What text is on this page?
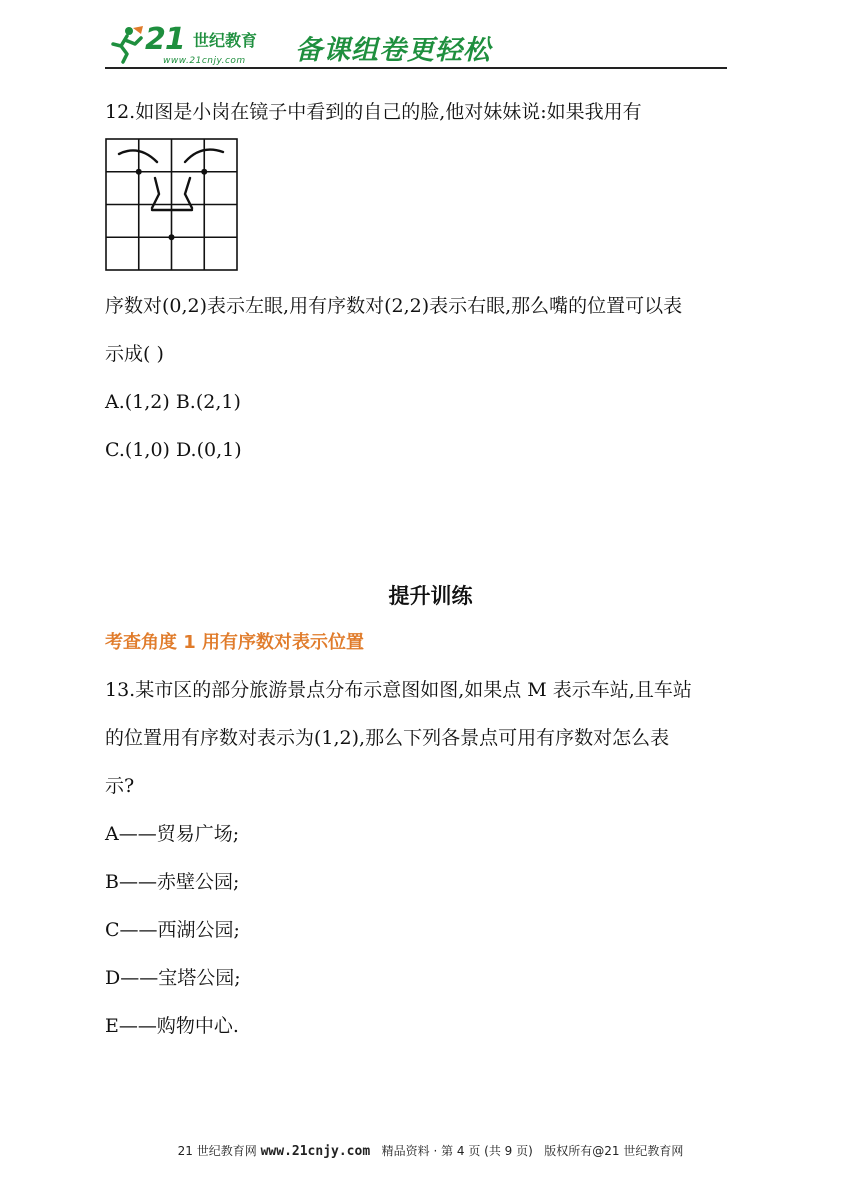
21 世纪教育
www.21cnjy.com 备课组卷更轻松
12.如图是小岗在镜子中看到的自己的脸,他对妹妹说:如果我用有
序数对(0,2)表示左眼,用有序数对(2,2)表示右眼,那么嘴的位置可以表
示成( )
A.(1,2) B.(2,1)
C.(1,0) D.(0,1)
提升训练
考查角度 1 用有序数对表示位置
13.某市区的部分旅游景点分布示意图如图,如果点 M 表示车站,且车站
的位置用有序数对表示为(1,2),那么下列各景点可用有序数对怎么表
示?
A——贸易广场;
B——赤壁公园;
C——西湖公园;
D——宝塔公园;
E——购物中心.
21 世纪教育网 www.21cnjy.com 精品资料 · 第 4 页 (共 9 页) 版权所有@21 世纪教育网
